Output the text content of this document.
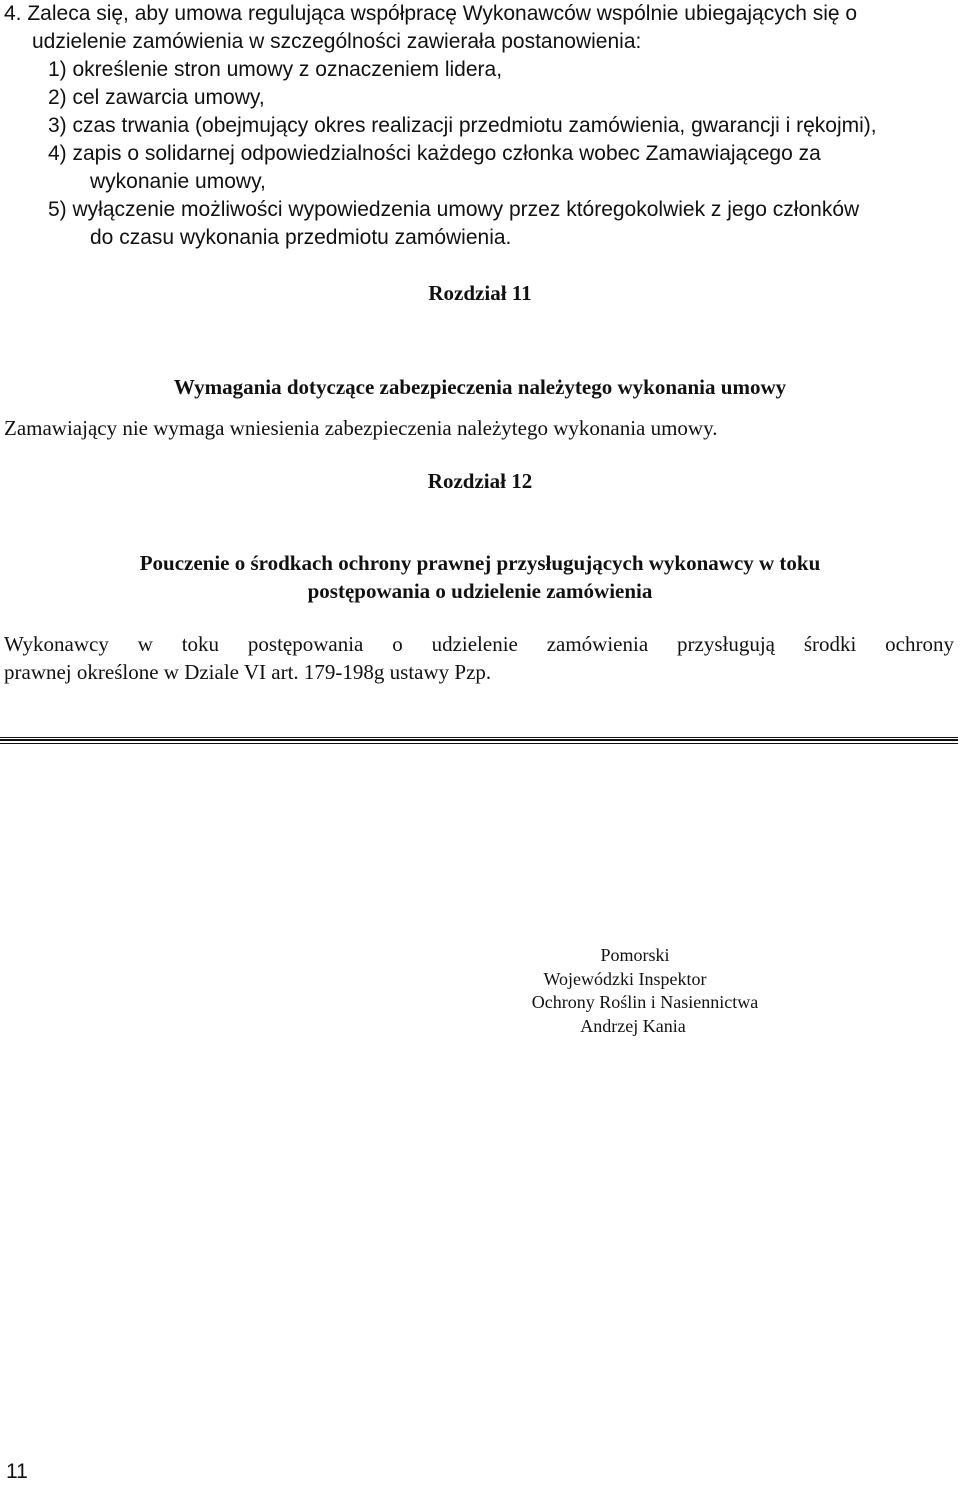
4. Zaleca się, aby umowa regulująca współpracę Wykonawców wspólnie ubiegających się o
udzielenie zamówienia w szczególności zawierała postanowienia:
1) określenie stron umowy z oznaczeniem lidera,
2) cel zawarcia umowy,
3) czas trwania (obejmujący okres realizacji przedmiotu zamówienia, gwarancji i rękojmi),
4) zapis o solidarnej odpowiedzialności każdego członka wobec Zamawiającego za
wykonanie umowy,
5) wyłączenie możliwości wypowiedzenia umowy przez któregokolwiek z jego członków
do czasu wykonania przedmiotu zamówienia.
Rozdział 11
Wymagania dotyczące zabezpieczenia należytego wykonania umowy
Zamawiający nie wymaga wniesienia zabezpieczenia należytego wykonania umowy.
Rozdział 12
Pouczenie o środkach ochrony prawnej przysługujących wykonawcy w toku
postępowania o udzielenie zamówienia
Wykonawcy w toku postępowania o udzielenie zamówienia przysługują środki ochrony
prawnej określone w Dziale VI art. 179-198g ustawy Pzp.
Pomorski
Wojewódzki Inspektor
Ochrony Roślin i Nasiennictwa
Andrzej Kania
11
